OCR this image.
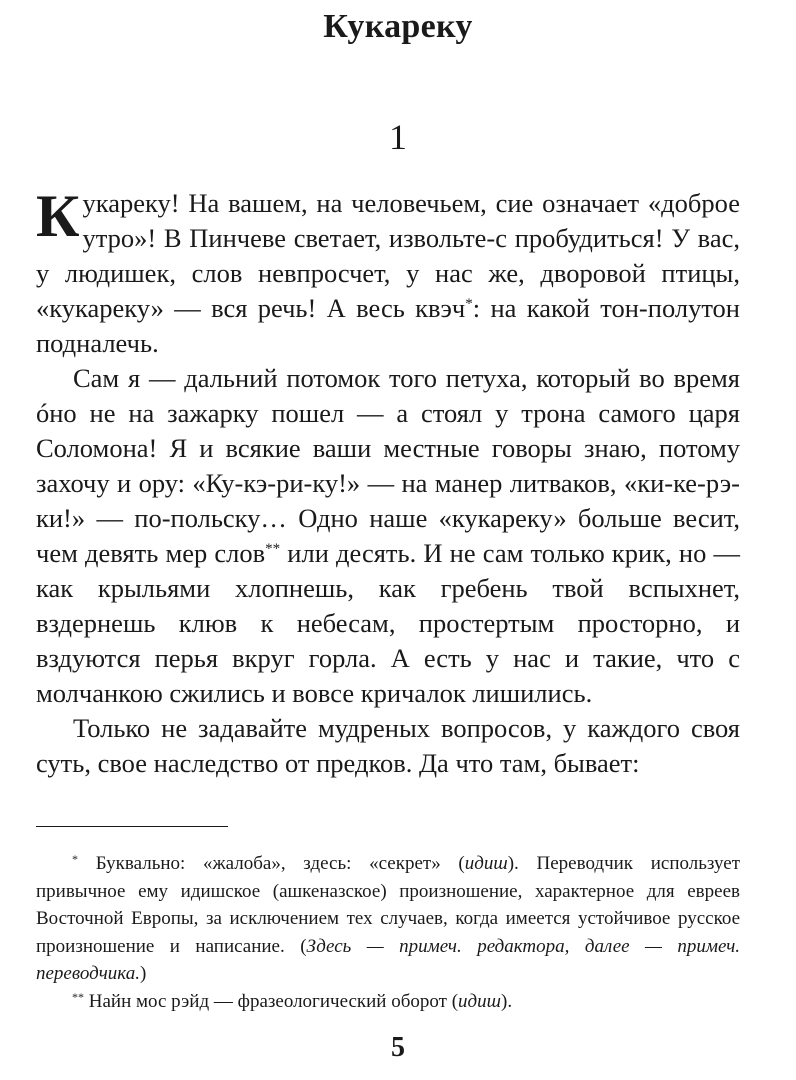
Кукареку
1

Кукареку! На вашем, на человечьем, сие означает «доброе утро»! В Пинчеве светает, извольте-с пробудиться! У вас, у людишек, слов невпросчет, у нас же, дворовой птицы, «кукареку» — вся речь! А весь квэч*: на какой тон-полутон подналечь.

Сам я — дальний потомок того петуха, который во время óно не на зажарку пошел — а стоял у трона самого царя Соломона! Я и всякие ваши местные говоры знаю, потому захочу и ору: «Ку-кэ-ри-ку!» — на манер литваков, «ки-ке-рэ-ки!» — по-польску… Одно наше «кукареку» больше весит, чем девять мер слов** или десять. И не сам только крик, но — как крыльями хлопнешь, как гребень твой вспыхнет, вздернешь клюв к небесам, простертым просторно, и вздуются перья вкруг горла. А есть у нас и такие, что с молчанкою сжились и вовсе кричалок лишились.

Только не задавайте мудреных вопросов, у каждого своя суть, свое наследство от предков. Да что там, бывает:

* Буквально: «жалоба», здесь: «секрет» (идиш). Переводчик использует привычное ему идишское (ашкеназское) произношение, характерное для евреев Восточной Европы, за исключением тех случаев, когда имеется устойчивое русское произношение и написание. (Здесь — примеч. редактора, далее — примеч. переводчика.)

** Найн мос рэйд — фразеологический оборот (идиш).

5
